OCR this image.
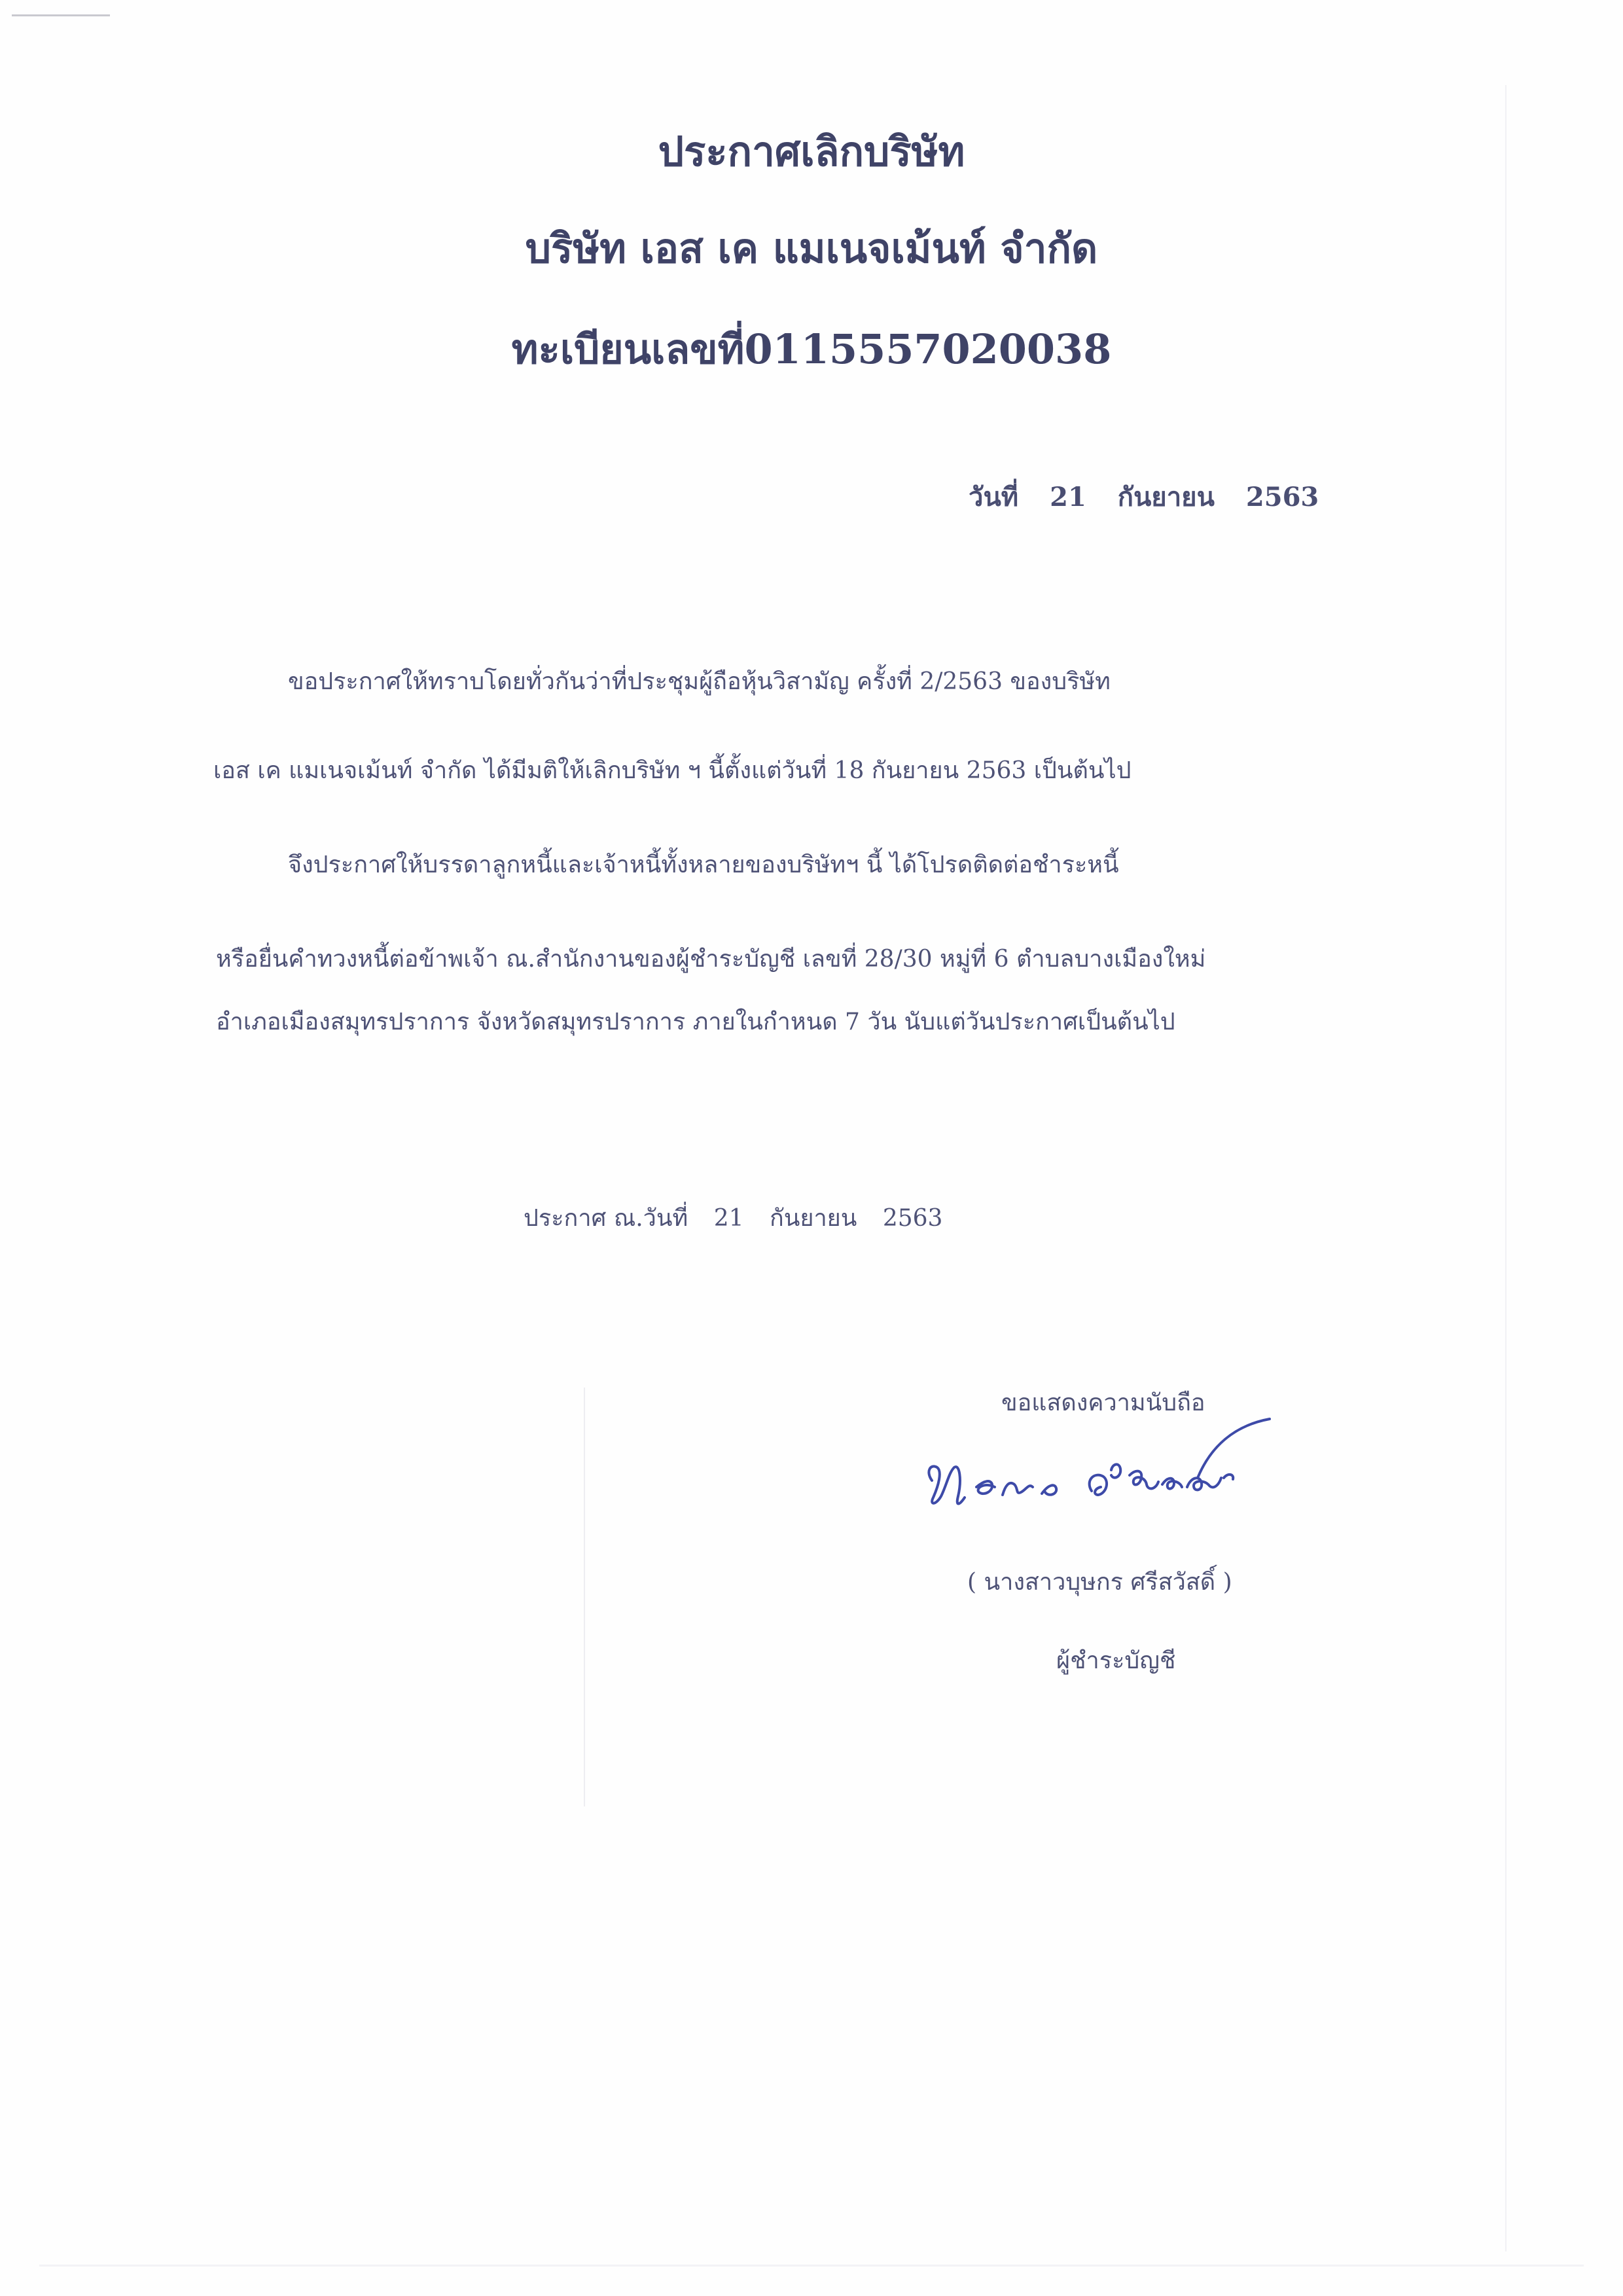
ประกาศเลิกบริษัท
บริษัท เอส เค แมเนจเม้นท์ จำกัด
ทะเบียนเลขที่0115557020038
วันที่ 21 กันยายน 2563
ขอประกาศให้ทราบโดยทั่วกันว่าที่ประชุมผู้ถือหุ้นวิสามัญ ครั้งที่ 2/2563 ของบริษัท
เอส เค แมเนจเม้นท์ จำกัด ได้มีมติให้เลิกบริษัท ฯ นี้ตั้งแต่วันที่ 18 กันยายน 2563 เป็นต้นไป
จึงประกาศให้บรรดาลูกหนี้และเจ้าหนี้ทั้งหลายของบริษัทฯ นี้ ได้โปรดติดต่อชำระหนี้
หรือยื่นคำทวงหนี้ต่อข้าพเจ้า ณ.สำนักงานของผู้ชำระบัญชี เลขที่ 28/30 หมู่ที่ 6 ตำบลบางเมืองใหม่
อำเภอเมืองสมุทรปราการ จังหวัดสมุทรปราการ ภายในกำหนด 7 วัน นับแต่วันประกาศเป็นต้นไป
ประกาศ ณ.วันที่ 21 กันยายน 2563
ขอแสดงความนับถือ
( นางสาวบุษกร ศรีสวัสดิ์ )
ผู้ชำระบัญชี
